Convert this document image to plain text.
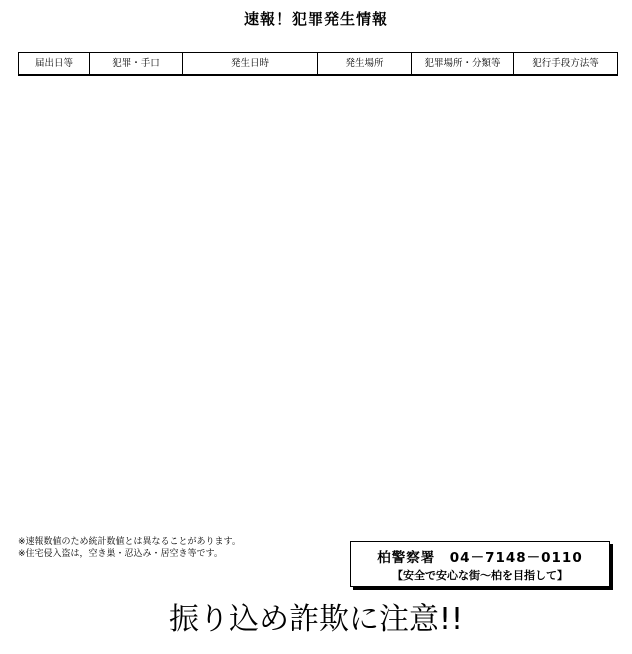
速報！犯罪発生情報
届出日等	犯罪・手口	発生日時	発生場所	犯罪場所・分類等	犯行手段方法等
※速報数値のため統計数値とは異なることがあります。
※住宅侵入盗は，空き巣・忍込み・居空き等です。	柏警察署　04－7148－0110
【安全で安心な街～柏を目指して】
振り込め詐欺に注意!!
